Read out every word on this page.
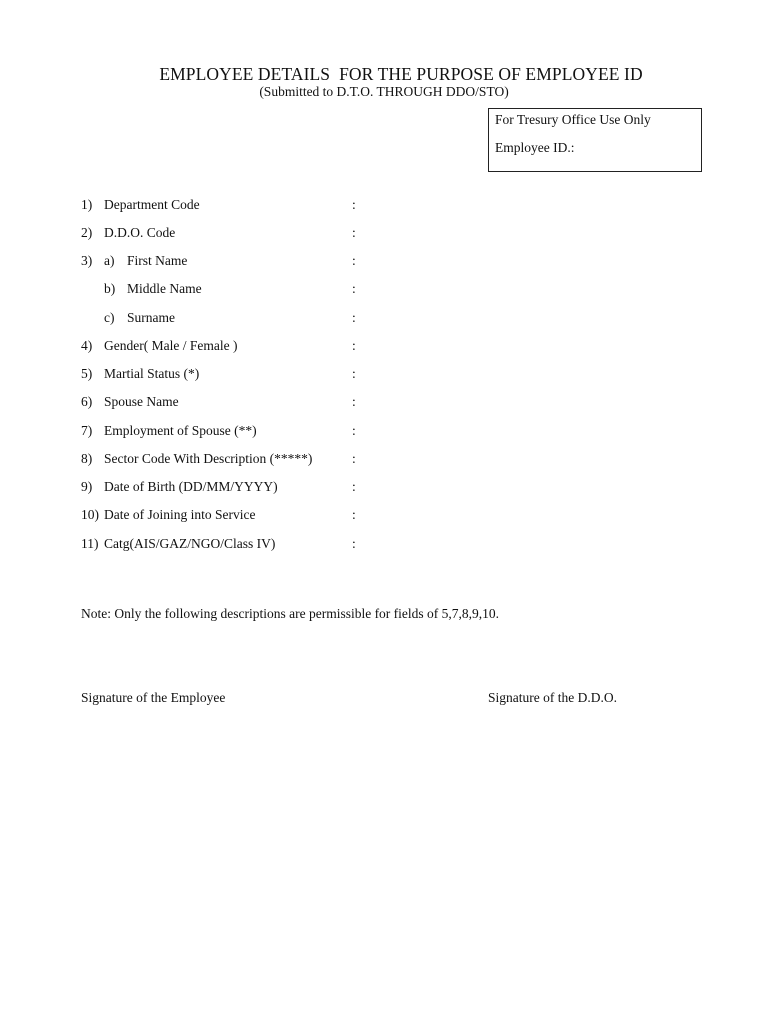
EMPLOYEE DETAILS  FOR THE PURPOSE OF EMPLOYEE ID
(Submitted to D.T.O. THROUGH DDO/STO)
For Tresury Office Use Only
Employee ID.:
1) Department Code	:
2) D.D.O. Code	:
3) a) First Name	:
b) Middle Name	:
c) Surname	:
4) Gender( Male / Female )	:
5) Martial Status (*)	:
6) Spouse Name	:
7) Employment of Spouse (**)	:
8) Sector Code With Description (*****)	:
9) Date of Birth (DD/MM/YYYY)	:
10) Date of Joining into Service	:
11) Catg(AIS/GAZ/NGO/Class IV)	:
Note: Only the following descriptions are permissible for fields of 5,7,8,9,10.
Signature of the Employee	Signature of the D.D.O.
